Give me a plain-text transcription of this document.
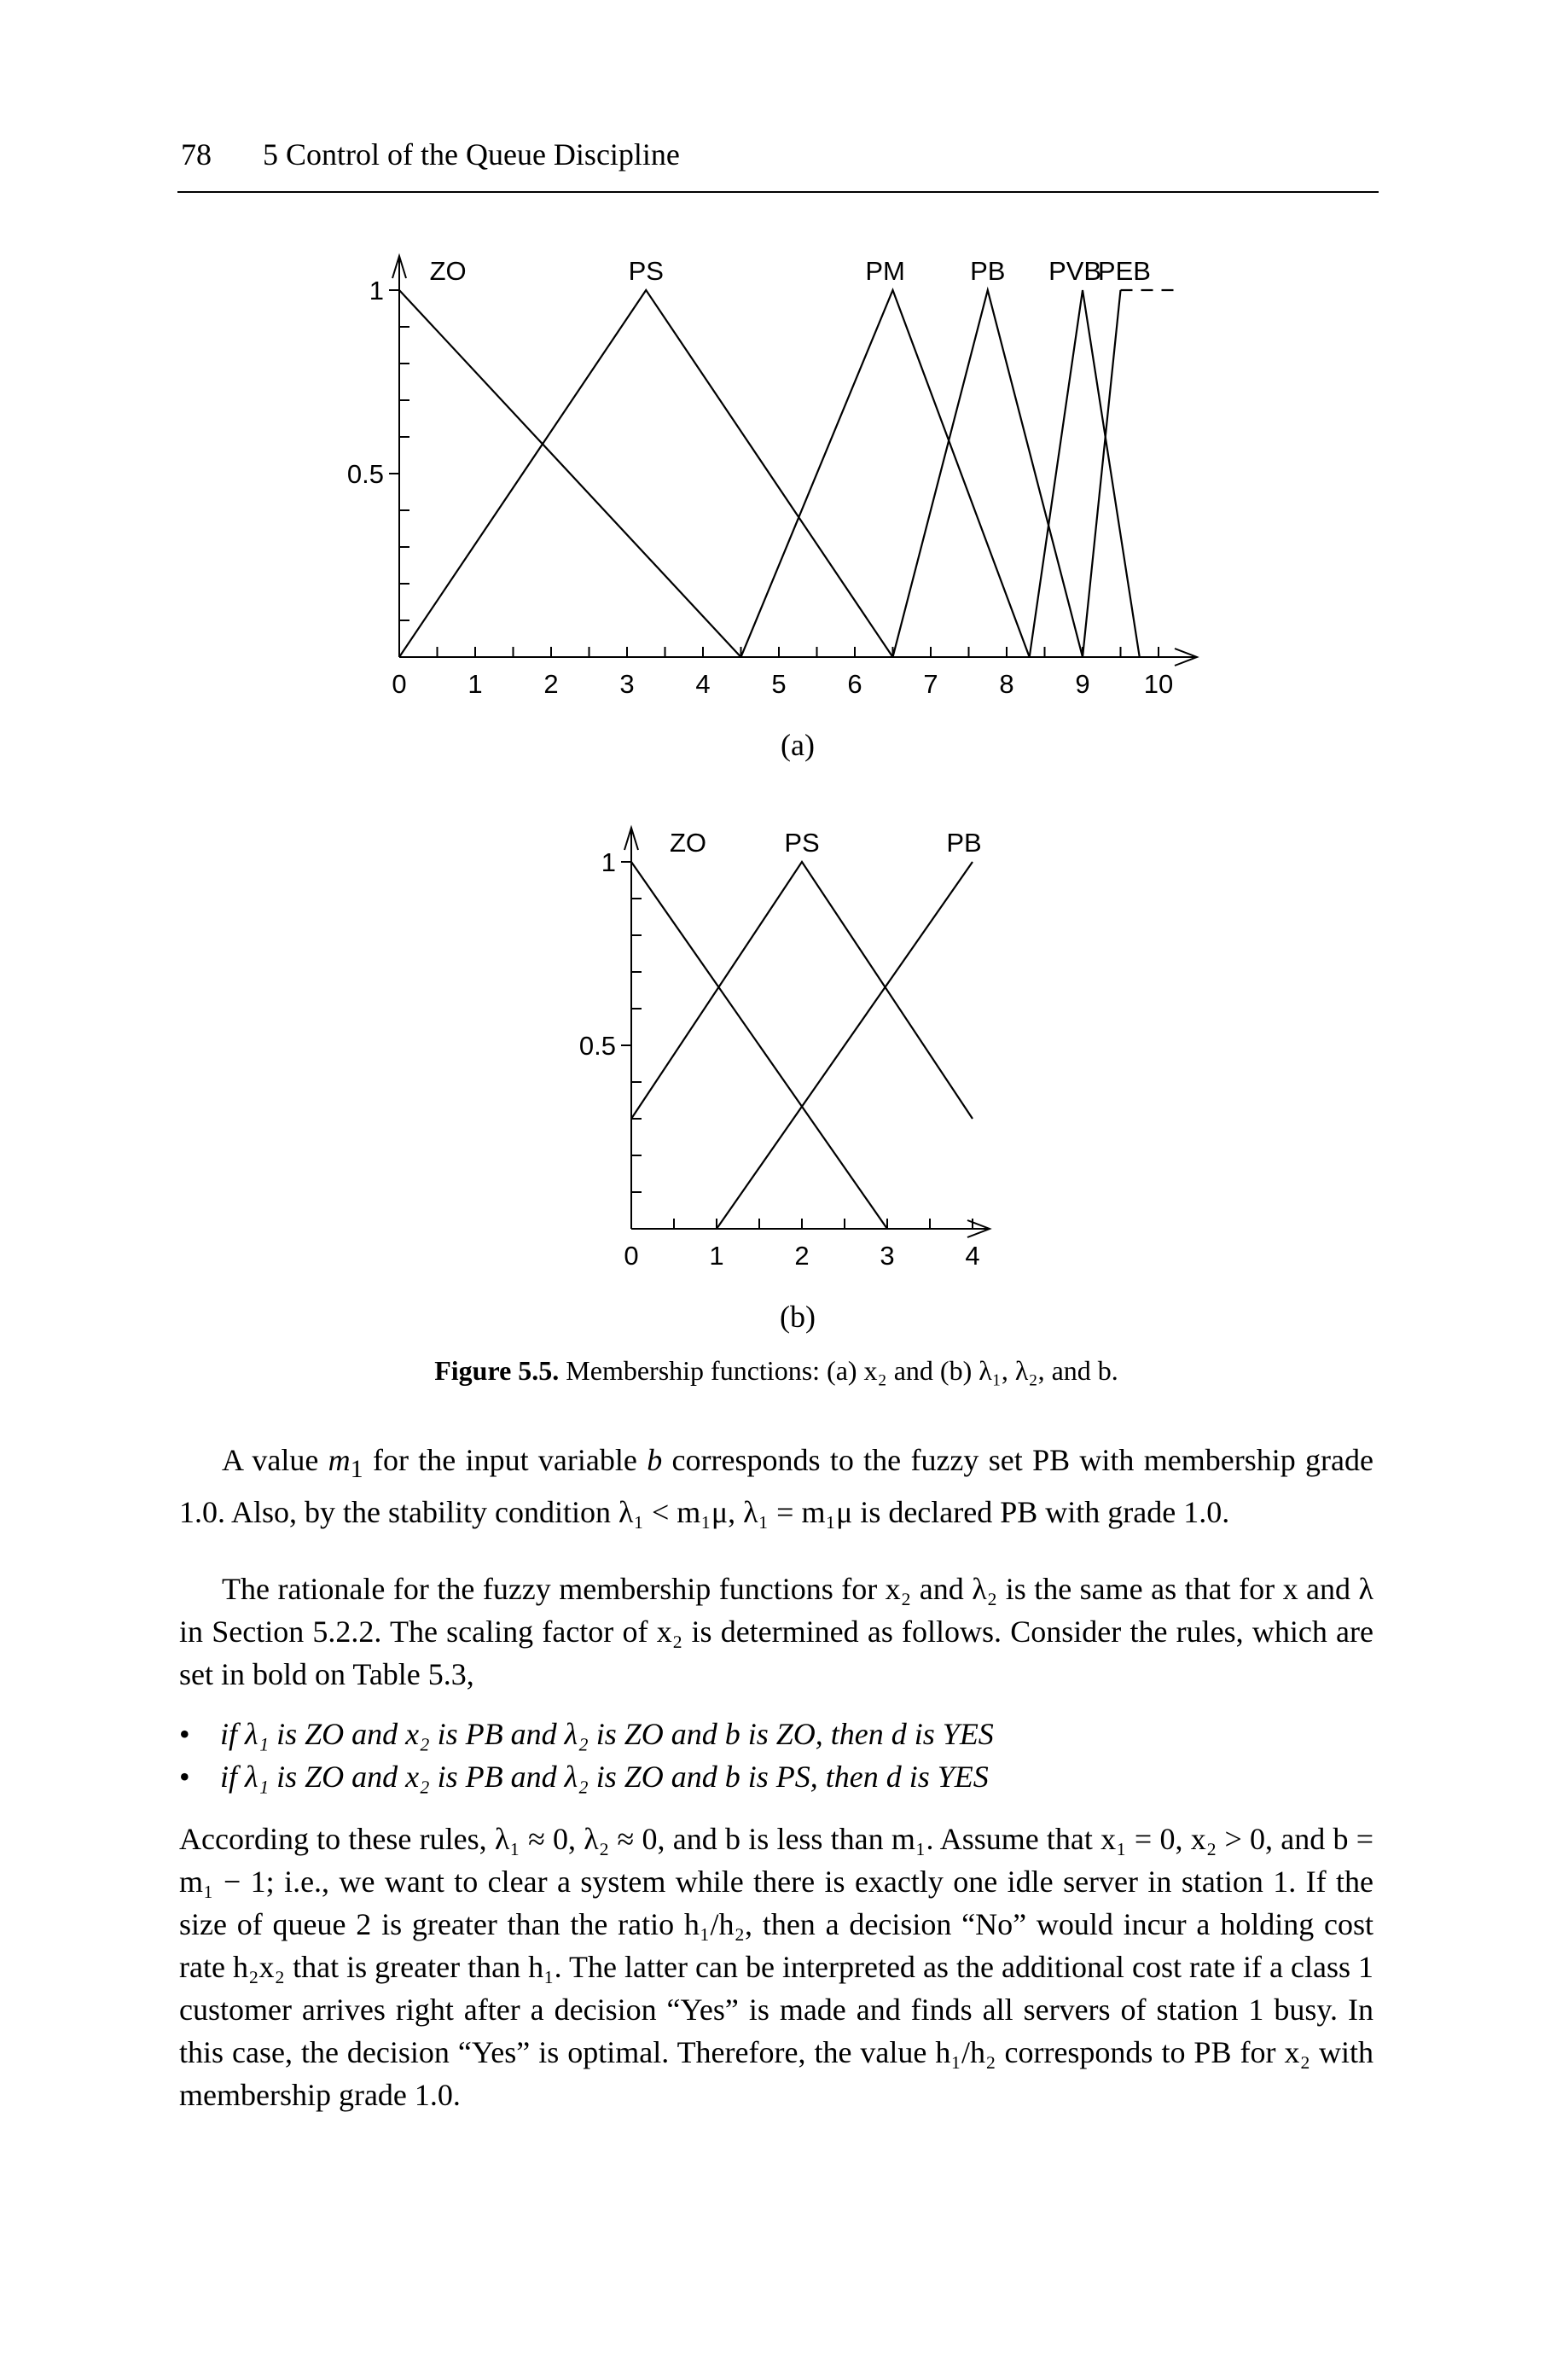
78 5 Control of the Queue Discipline
0 1 2 3 4 5 6 7 8 9 10
0.5
1
ZO	PS	PM PB PVB
PEB
0	1	2	3	4
0.5
1
ZO	PS	PB
(a)
(b)
Figure 5.5. Membership functions: (a) x₂ and (b) λ₁, λ₂, and b.

A value $m_1$ for the input variable b corresponds to the fuzzy set PB with membership grade 1.0. Also, by the stability condition λ₁ < m₁μ, λ₁ = m₁μ is declared PB with grade 1.0.

The rationale for the fuzzy membership functions for x₂ and λ₂ is the same as that for x and λ in Section 5.2.2. The scaling factor of x₂ is determined as follows. Consider the rules, which are set in bold on Table 5.3,

• if λ₁ is ZO and x₂ is PB and λ₂ is ZO and b is ZO, then d is YES
• if λ₁ is ZO and x₂ is PB and λ₂ is ZO and b is PS, then d is YES

According to these rules, λ₁ ≈ 0, λ₂ ≈ 0, and b is less than m₁. Assume that x₁ = 0, x₂ > 0, and b = m₁ − 1; i.e., we want to clear a system while there is exactly one idle server in station 1. If the size of queue 2 is greater than the ratio h₁/h₂, then a decision “No” would incur a holding cost rate h₂x₂ that is greater than h₁. The latter can be interpreted as the additional cost rate if a class 1 customer arrives right after a decision “Yes” is made and finds all servers of station 1 busy. In this case, the decision “Yes” is optimal. Therefore, the value h₁/h₂ corresponds to PB for x₂ with membership grade 1.0.
